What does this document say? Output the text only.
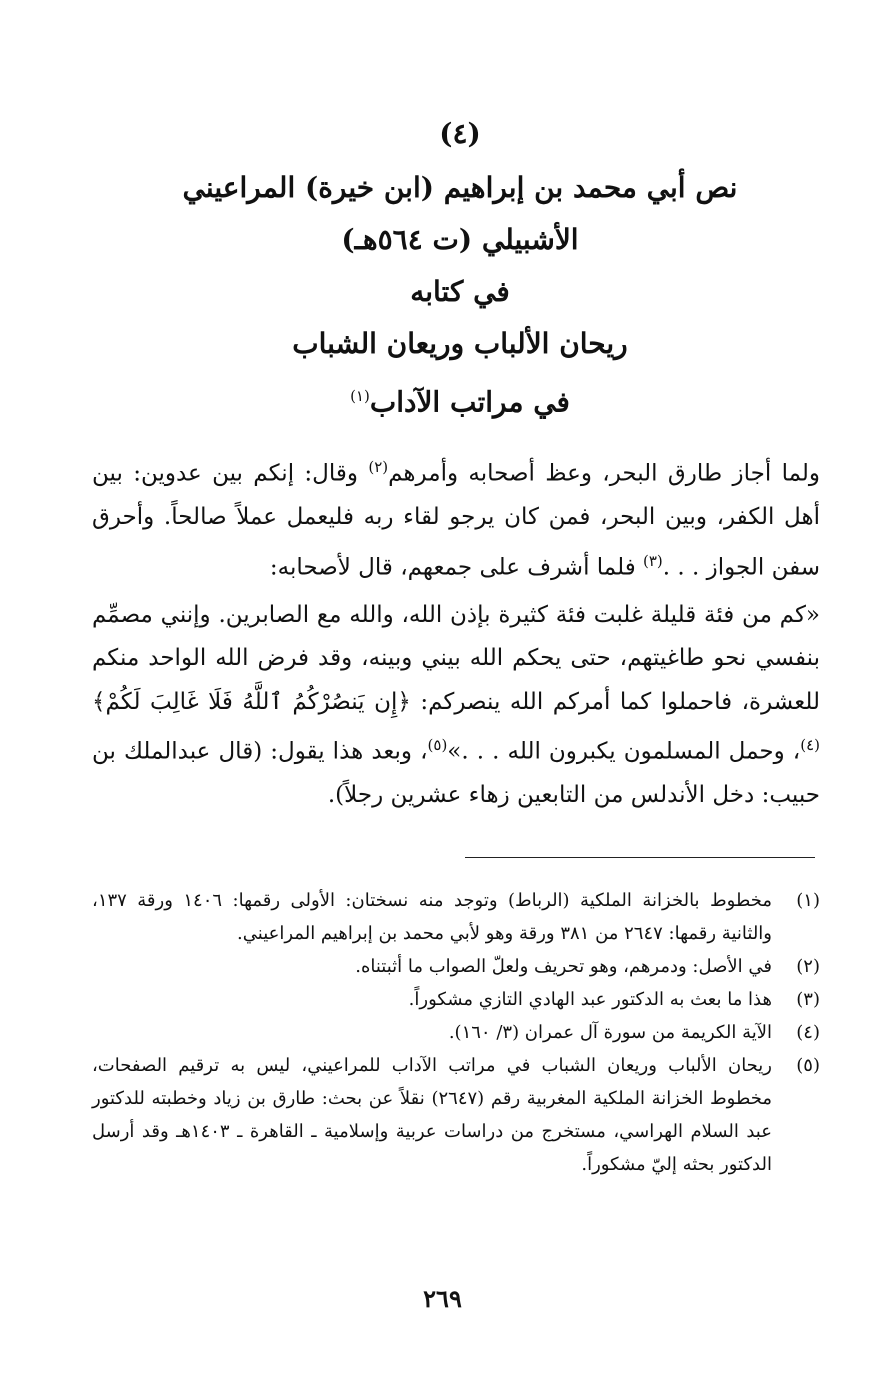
(٤)
نص أبي محمد بن إبراهيم (ابن خيرة) المراعيني
الأشبيلي (ت ٥٦٤هـ)
في كتابه
ريحان الألباب وريعان الشباب
في مراتب الآداب$^{(١)}$

ولما أجاز طارق البحر، وعظ أصحابه وأمرهم$^{(٢)}$ وقال: إنكم بين عدوين: بين أهل الكفر، وبين البحر، فمن كان يرجو لقاء ربه فليعمل عملاً صالحاً. وأحرق سفن الجواز . . .$^{(٣)}$ فلما أشرف على جمعهم، قال لأصحابه:

«كم من فئة قليلة غلبت فئة كثيرة بإذن الله، والله مع الصابرين. وإنني مصمِّم بنفسي نحو طاغيتهم، حتى يحكم الله بيني وبينه، وقد فرض الله الواحد منكم للعشرة، فاحملوا كما أمركم الله ينصركم: ﴿إِن يَنصُرْكُمُ ٱللَّهُ فَلَا غَالِبَ لَكُمْ﴾$^{(٤)}$، وحمل المسلمون يكبرون الله . . .»$^{(٥)}$، وبعد هذا يقول: (قال عبدالملك بن حبيب: دخل الأندلس من التابعين زهاء عشرين رجلاً).

(١)
مخطوط بالخزانة الملكية (الرباط) وتوجد منه نسختان: الأولى رقمها: ١٤٠٦ ورقة ١٣٧، والثانية رقمها: ٢٦٤٧ من ٣٨١ ورقة وهو لأبي محمد بن إبراهيم المراعيني.
(٢)
في الأصل: ودمرهم، وهو تحريف ولعلّ الصواب ما أثبتناه.
(٣)
هذا ما بعث به الدكتور عبد الهادي التازي مشكوراً.
(٤)
الآية الكريمة من سورة آل عمران (٣/ ١٦٠).
(٥)
ريحان الألباب وريعان الشباب في مراتب الآداب للمراعيني، ليس به ترقيم الصفحات، مخطوط الخزانة الملكية المغربية رقم (٢٦٤٧) نقلاً عن بحث: طارق بن زياد وخطبته للدكتور عبد السلام الهراسي، مستخرج من دراسات عربية وإسلامية ـ القاهرة ـ ١٤٠٣هـ وقد أرسل الدكتور بحثه إليّ مشكوراً.
٢٦٩
